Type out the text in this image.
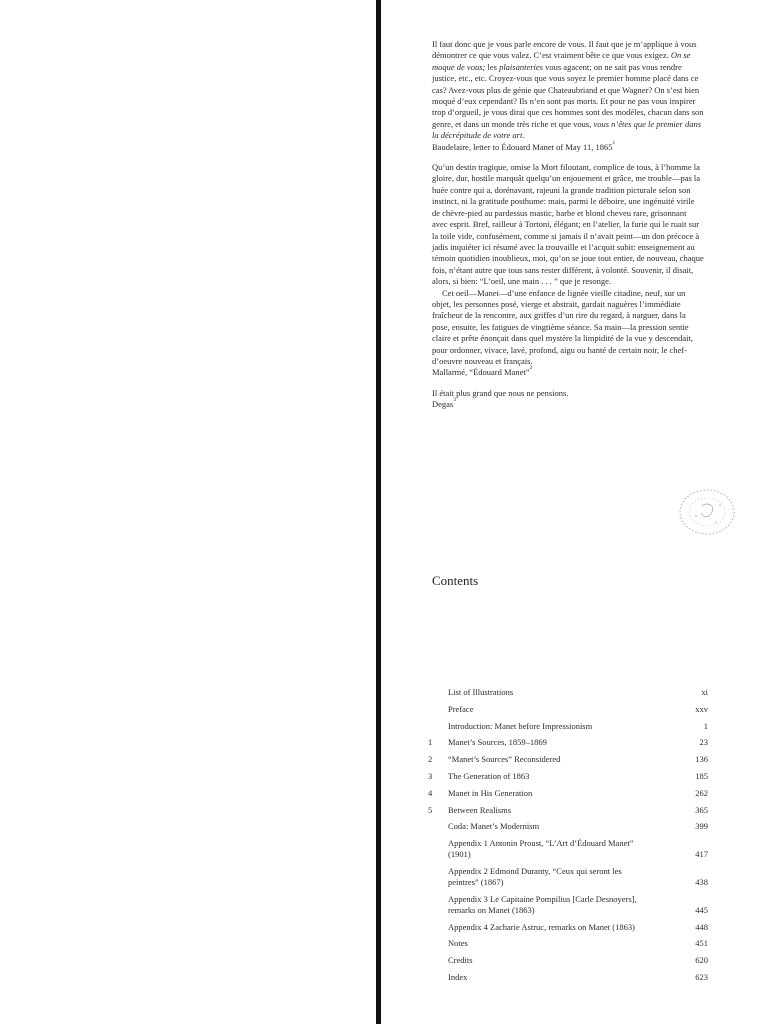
Il faut donc que je vous parle encore de vous. Il faut que je m’applique à vous démontrer ce que vous valez. C’est vraiment bête ce que vous exigez. On se moque de vous; les plaisanteries vous agacent; on ne sait pas vous rendre justice, etc., etc. Croyez-vous que vous soyez le premier homme placé dans ce cas? Avez-vous plus de génie que Chateaubriand et que Wagner? On s’est bien moqué d’eux cependant? Ils n’en sont pas morts. Et pour ne pas vous inspirer trop d’orgueil, je vous dirai que ces hommes sont des modèles, chacun dans son genre, et dans un monde très riche et que vous, vous n’êtes que le premier dans la décrépitude de votre art.

Baudelaire, letter to Édouard Manet of May 11, 1865$^1$

Qu’un destin tragique, omise la Mort filoutant, complice de tous, à l’homme la gloire, dur, hostile marquât quelqu’un enjouement et grâce, me trouble—pas la huée contre qui a, dorénavant, rajeuni la grande tradition picturale selon son instinct, ni la gratitude posthume: mais, parmi le déboire, une ingénuité virile de chèvre-pied au pardessus mastic, barbe et blond cheveu rare, grisonnant avec esprit. Bref, railleur à Tortoni, élégant; en l’atelier, la furie qui le ruait sur la toile vide, confusément, comme si jamais il n’avait peint—un don précoce à jadis inquiéter ici résumé avec la trouvaille et l’acquit subit: enseignement au témoin quotidien inoublieux, moi, qu’on se joue tout entier, de nouveau, chaque fois, n’étant autre que tous sans rester différent, à volonté. Souvenir, il disait, alors, si bien: “L’oeil, une main . . . ” que je resonge.

Cet oeil—Manet—d’une enfance de lignée vieille citadine, neuf, sur un objet, les personnes posé, vierge et abstrait, gardait naguères l’immédiate fraîcheur de la rencontre, aux griffes d’un rire du regard, à narguer, dans la pose, ensuite, les fatigues de vingtième séance. Sa main—la pression sentie claire et prête énonçait dans quel mystère la limpidité de la vue y descendait, pour ordonner, vivace, lavé, profond, aigu ou hanté de certain noir, le chef-d’oeuvre nouveau et français.

Mallarmé, “Édouard Manet”$^2$

Il était plus grand que nous ne pensions.

Degas$^3$

Contents
List of Illustrations	xi
Preface	xxv
Introduction: Manet before Impressionism	1
1	Manet’s Sources, 1859–1869	23
2	“Manet’s Sources” Reconsidered	136
3	The Generation of 1863	185
4	Manet in His Generation	262
5	Between Realisms	365
Coda: Manet’s Modernism	399
Appendix 1 Antonin Proust, “L’Art d’Édouard Manet” (1901)	417
Appendix 2 Edmond Duranty, “Ceux qui seront les peintres” (1867)	438
Appendix 3 Le Capitaine Pompilius [Carle Desnoyers], remarks on Manet (1863)	445
Appendix 4 Zacharie Astruc, remarks on Manet (1863)	448
Notes	451
Credits	620
Index	623
